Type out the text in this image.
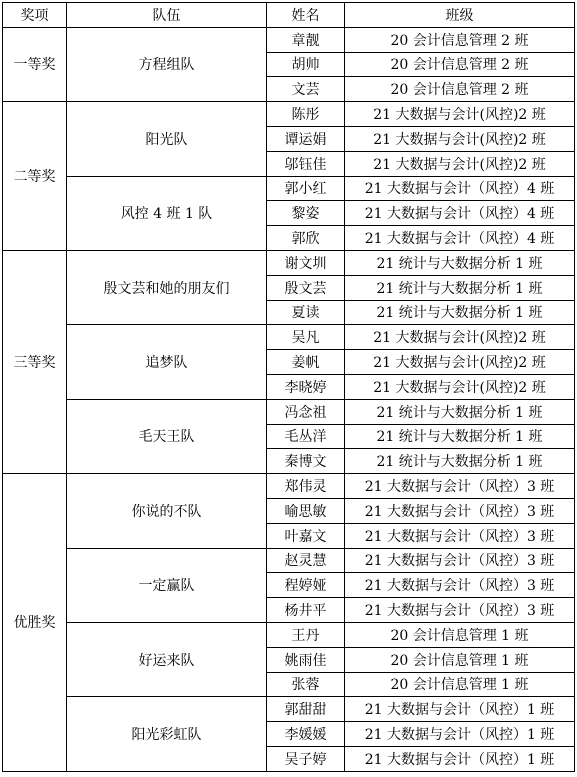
奖项	队伍	姓名	班级
一等奖	方程组队	章靓	20 会计信息管理 2 班
		胡帅	20 会计信息管理 2 班
		文芸	20 会计信息管理 2 班
二等奖	阳光队	陈彤	21 大数据与会计(风控)2 班
		谭运娟	21 大数据与会计(风控)2 班
		邬钰佳	21 大数据与会计(风控)2 班
	风控 4 班 1 队	郭小红	21 大数据与会计（风控）4 班
		黎姿	21 大数据与会计（风控）4 班
		郭欣	21 大数据与会计（风控）4 班
三等奖	殷文芸和她的朋友们	谢文圳	21 统计与大数据分析 1 班
		殷文芸	21 统计与大数据分析 1 班
		夏读	21 统计与大数据分析 1 班
	追梦队	吴凡	21 大数据与会计(风控)2 班
		姜帆	21 大数据与会计(风控)2 班
		李晓婷	21 大数据与会计(风控)2 班
	毛天王队	冯念祖	21 统计与大数据分析 1 班
		毛丛洋	21 统计与大数据分析 1 班
		秦博文	21 统计与大数据分析 1 班
优胜奖	你说的不队	郑伟灵	21 大数据与会计（风控）3 班
		喻思敏	21 大数据与会计（风控）3 班
		叶嘉文	21 大数据与会计（风控）3 班
	一定赢队	赵灵慧	21 大数据与会计（风控）3 班
		程婷娅	21 大数据与会计（风控）3 班
		杨井平	21 大数据与会计（风控）3 班
	好运来队	王丹	20 会计信息管理 1 班
		姚雨佳	20 会计信息管理 1 班
		张蓉	20 会计信息管理 1 班
	阳光彩虹队	郭甜甜	21 大数据与会计（风控）1 班
		李媛媛	21 大数据与会计（风控）1 班
		吴子婷	21 大数据与会计（风控）1 班
